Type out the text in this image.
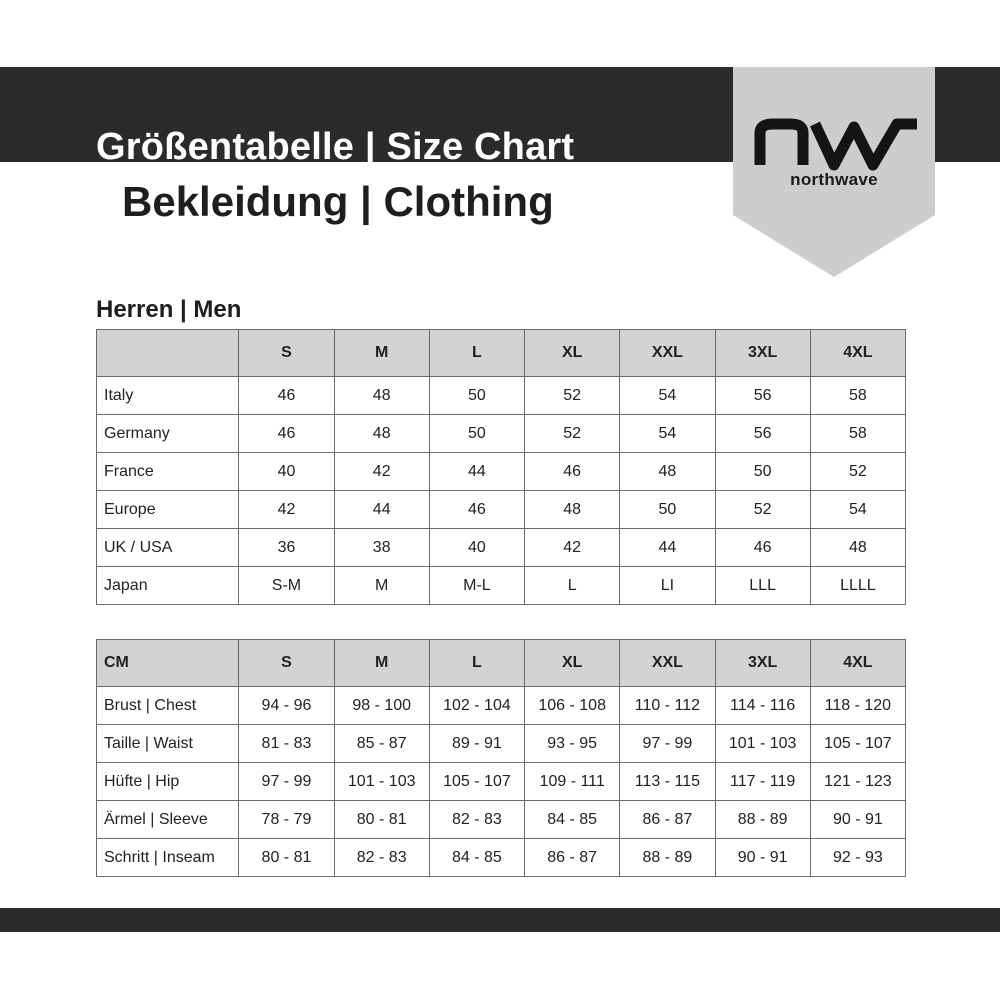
Größentabelle | Size Chart
Bekleidung | Clothing	northwave
Herren | Men
	S	M	L	XL	XXL	3XL	4XL
Italy	46	48	50	52	54	56	58
Germany	46	48	50	52	54	56	58
France	40	42	44	46	48	50	52
Europe	42	44	46	48	50	52	54
UK / USA	36	38	40	42	44	46	48
Japan	S-M	M	M-L	L	LI	LLL	LLLL
CM	S	M	L	XL	XXL	3XL	4XL
Brust | Chest	94 - 96	98 - 100	102 - 104	106 - 108	110 - 112	114 - 116	118 - 120
Taille | Waist	81 - 83	85 - 87	89 - 91	93 - 95	97 - 99	101 - 103	105 - 107
Hüfte | Hip	97 - 99	101 - 103	105 - 107	109 - 111	113 - 115	117 - 119	121 - 123
Ärmel | Sleeve	78 - 79	80 - 81	82 - 83	84 - 85	86 - 87	88 - 89	90 - 91
Schritt | Inseam	80 - 81	82 - 83	84 - 85	86 - 87	88 - 89	90 - 91	92 - 93
